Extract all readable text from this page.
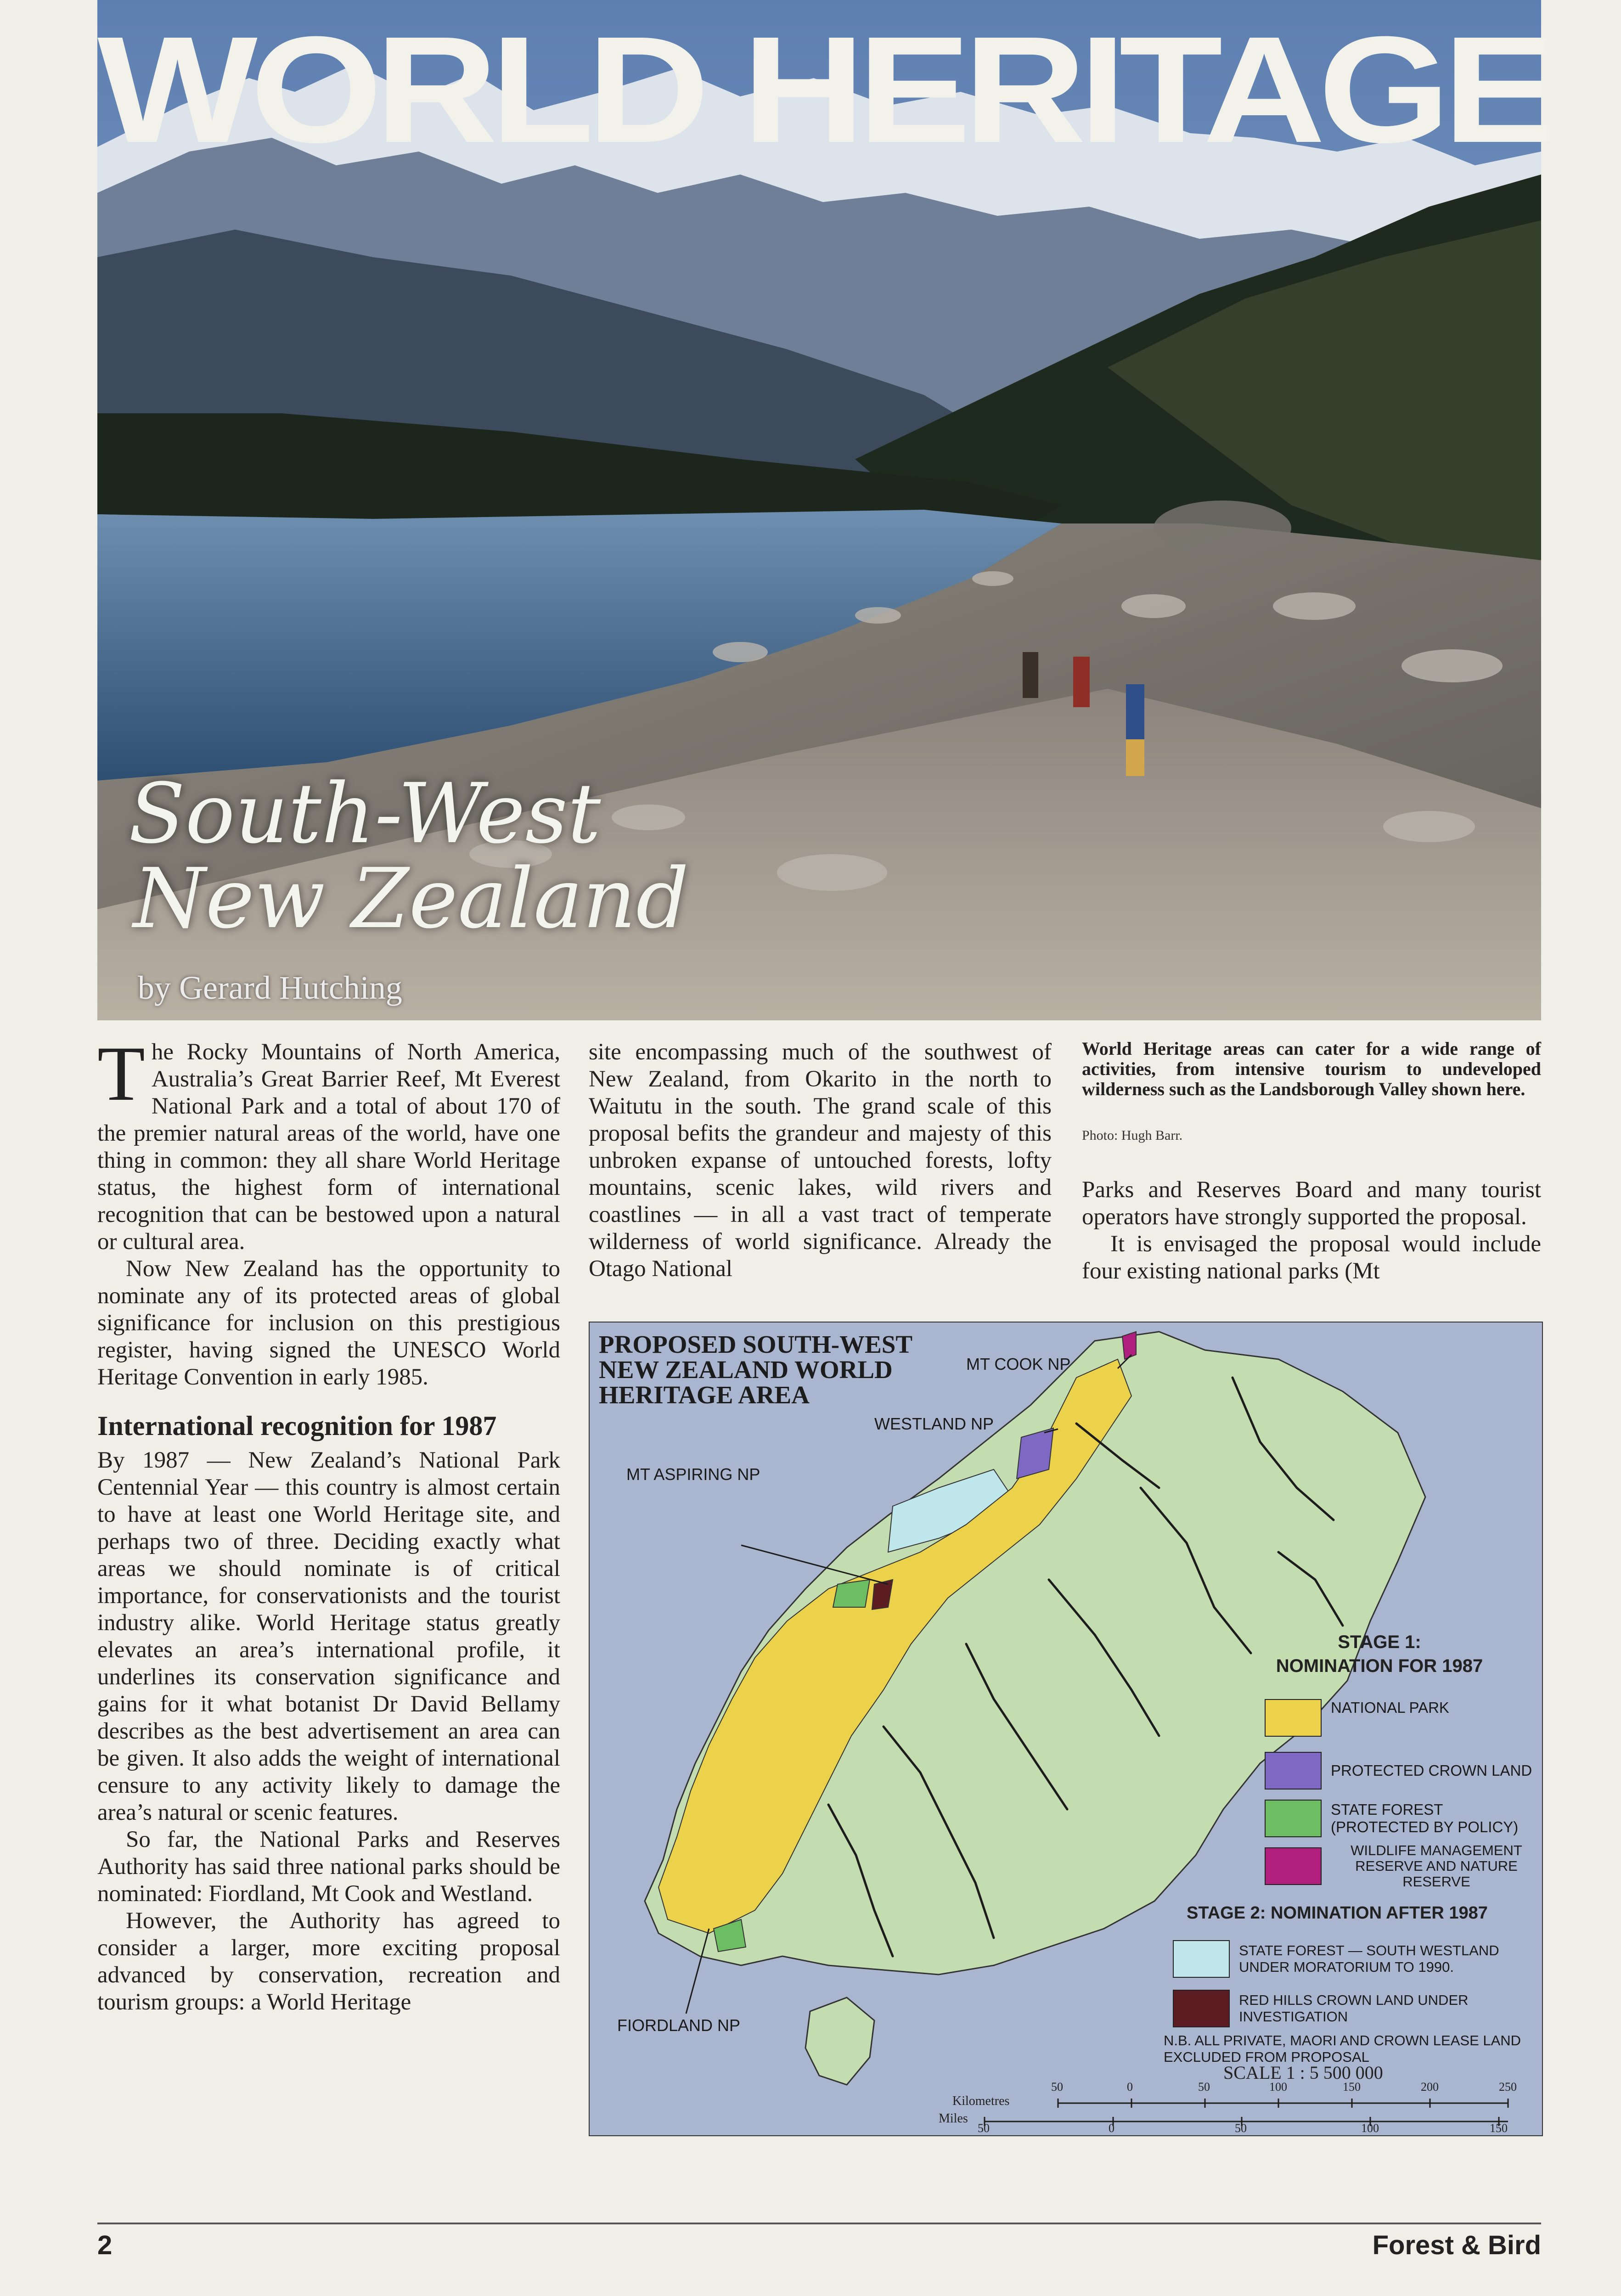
WORLD HERITAGE
South-West
New Zealand
by Gerard Hutching

The Rocky Mountains of North America, Australia’s Great Barrier Reef, Mt Everest National Park and a total of about 170 of the premier natural areas of the world, have one thing in common: they all share World Heritage status, the highest form of international recognition that can be bestowed upon a natural or cultural area.

Now New Zealand has the opportunity to nominate any of its protected areas of global significance for inclusion on this prestigious register, having signed the UNESCO World Heritage Convention in early 1985.

International recognition for 1987

By 1987 — New Zealand’s National Park Centennial Year — this country is almost certain to have at least one World Heritage site, and perhaps two of three. Deciding exactly what areas we should nominate is of critical importance, for conservationists and the tourist industry alike. World Heritage status greatly elevates an area’s international profile, it underlines its conservation significance and gains for it what botanist Dr David Bellamy describes as the best advertisement an area can be given. It also adds the weight of international censure to any activity likely to damage the area’s natural or scenic features.

So far, the National Parks and Reserves Authority has said three national parks should be nominated: Fiordland, Mt Cook and Westland.

However, the Authority has agreed to consider a larger, more exciting proposal advanced by conservation, recreation and tourism groups: a World Heritage

site encompassing much of the southwest of New Zealand, from Okarito in the north to Waitutu in the south. The grand scale of this proposal befits the grandeur and majesty of this unbroken expanse of untouched forests, lofty mountains, scenic lakes, wild rivers and coastlines — in all a vast tract of temperate wilderness of world significance. Already the Otago National

World Heritage areas can cater for a wide range of activities, from intensive tourism to undeveloped wilderness such as the Landsborough Valley shown here.
Photo: Hugh Barr.

Parks and Reserves Board and many tourist operators have strongly supported the proposal.

It is envisaged the proposal would include four existing national parks (Mt

PROPOSED SOUTH-WEST
NEW ZEALAND WORLD
HERITAGE AREA
MT COOK NP
WESTLAND NP
MT ASPIRING NP
FIORDLAND NP
STAGE 1:
NOMINATION FOR 1987
NATIONAL PARK
PROTECTED CROWN LAND
STATE FOREST (PROTECTED BY POLICY)
WILDLIFE MANAGEMENT RESERVE AND NATURE RESERVE
STAGE 2: NOMINATION AFTER 1987
STATE FOREST — SOUTH WESTLAND UNDER MORATORIUM TO 1990.
RED HILLS CROWN LAND UNDER INVESTIGATION
N.B. ALL PRIVATE, MAORI AND CROWN LEASE LAND EXCLUDED FROM PROPOSAL
SCALE 1 : 5 500 000
Kilometres
50	0	50	100	150	200	250
Miles
50	0	50	100	150
2	Forest & Bird
